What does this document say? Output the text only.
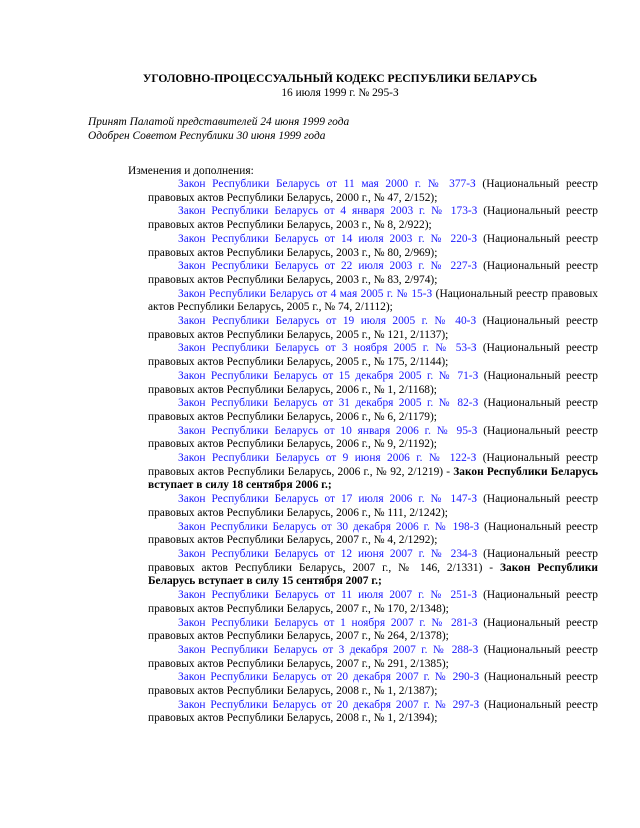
УГОЛОВНО-ПРОЦЕССУАЛЬНЫЙ КОДЕКС РЕСПУБЛИКИ БЕЛАРУСЬ
16 июля 1999 г. № 295-З
Принят Палатой представителей 24 июня 1999 года
Одобрен Советом Республики 30 июня 1999 года
Изменения и дополнения:

Закон Республики Беларусь от 11 мая 2000 г. № 377-З (Национальный реестр правовых актов Республики Беларусь, 2000 г., № 47, 2/152);

Закон Республики Беларусь от 4 января 2003 г. № 173-З (Национальный реестр правовых актов Республики Беларусь, 2003 г., № 8, 2/922);

Закон Республики Беларусь от 14 июля 2003 г. № 220-З (Национальный реестр правовых актов Республики Беларусь, 2003 г., № 80, 2/969);

Закон Республики Беларусь от 22 июля 2003 г. № 227-З (Национальный реестр правовых актов Республики Беларусь, 2003 г., № 83, 2/974);

Закон Республики Беларусь от 4 мая 2005 г. № 15-З (Национальный реестр правовых актов Республики Беларусь, 2005 г., № 74, 2/1112);

Закон Республики Беларусь от 19 июля 2005 г. № 40-З (Национальный реестр правовых актов Республики Беларусь, 2005 г., № 121, 2/1137);

Закон Республики Беларусь от 3 ноября 2005 г. № 53-З (Национальный реестр правовых актов Республики Беларусь, 2005 г., № 175, 2/1144);

Закон Республики Беларусь от 15 декабря 2005 г. № 71-З (Национальный реестр правовых актов Республики Беларусь, 2006 г., № 1, 2/1168);

Закон Республики Беларусь от 31 декабря 2005 г. № 82-З (Национальный реестр правовых актов Республики Беларусь, 2006 г., № 6, 2/1179);

Закон Республики Беларусь от 10 января 2006 г. № 95-З (Национальный реестр правовых актов Республики Беларусь, 2006 г., № 9, 2/1192);

Закон Республики Беларусь от 9 июня 2006 г. № 122-З (Национальный реестр правовых актов Республики Беларусь, 2006 г., № 92, 2/1219) - Закон Республики Беларусь вступает в силу 18 сентября 2006 г.;

Закон Республики Беларусь от 17 июля 2006 г. № 147-З (Национальный реестр правовых актов Республики Беларусь, 2006 г., № 111, 2/1242);

Закон Республики Беларусь от 30 декабря 2006 г. № 198-З (Национальный реестр правовых актов Республики Беларусь, 2007 г., № 4, 2/1292);

Закон Республики Беларусь от 12 июня 2007 г. № 234-З (Национальный реестр правовых актов Республики Беларусь, 2007 г., № 146, 2/1331) - Закон Республики Беларусь вступает в силу 15 сентября 2007 г.;

Закон Республики Беларусь от 11 июля 2007 г. № 251-З (Национальный реестр правовых актов Республики Беларусь, 2007 г., № 170, 2/1348);

Закон Республики Беларусь от 1 ноября 2007 г. № 281-З (Национальный реестр правовых актов Республики Беларусь, 2007 г., № 264, 2/1378);

Закон Республики Беларусь от 3 декабря 2007 г. № 288-З (Национальный реестр правовых актов Республики Беларусь, 2007 г., № 291, 2/1385);

Закон Республики Беларусь от 20 декабря 2007 г. № 290-З (Национальный реестр правовых актов Республики Беларусь, 2008 г., № 1, 2/1387);

Закон Республики Беларусь от 20 декабря 2007 г. № 297-З (Национальный реестр правовых актов Республики Беларусь, 2008 г., № 1, 2/1394);
